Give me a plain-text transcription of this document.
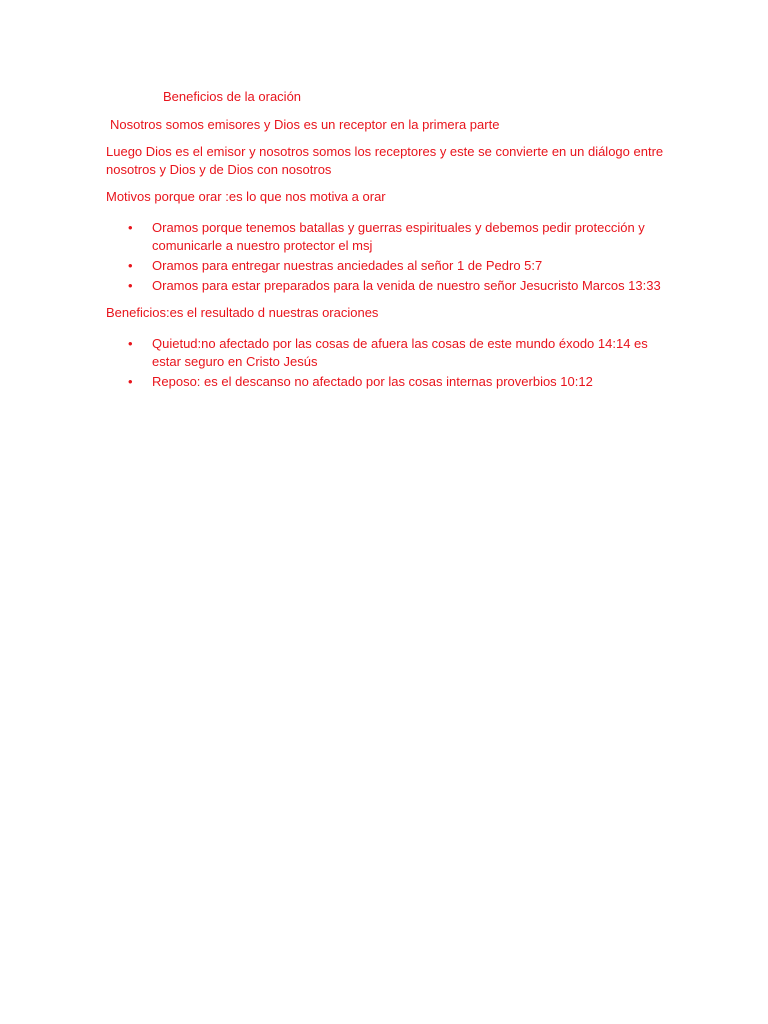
Beneficios de la oración

Nosotros somos emisores y Dios es un receptor en la primera parte

Luego Dios es el emisor y nosotros somos los receptores y este se convierte en un diálogo entre nosotros y Dios y de Dios con nosotros

Motivos porque orar :es lo que nos motiva a orar

• Oramos porque tenemos batallas y guerras espirituales y debemos pedir protección y comunicarle a nuestro protector el msj
• Oramos para entregar nuestras anciedades al señor 1 de Pedro 5:7
• Oramos para estar preparados para la venida de nuestro señor Jesucristo Marcos 13:33

Beneficios:es el resultado d nuestras oraciones

• Quietud:no afectado por las cosas de afuera las cosas de este mundo éxodo 14:14 es estar seguro en Cristo Jesús
• Reposo: es el descanso no afectado por las cosas internas proverbios 10:12
